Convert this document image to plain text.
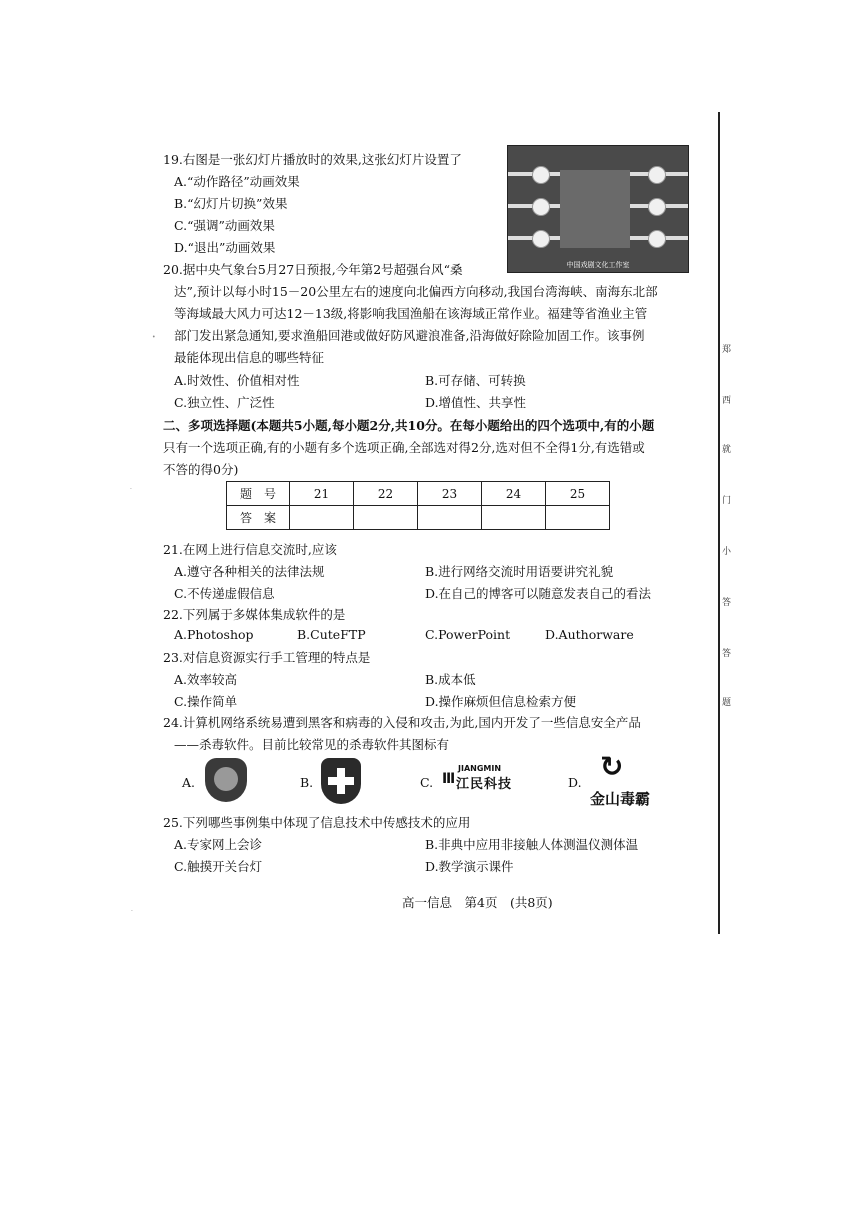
19.右图是一张幻灯片播放时的效果,这张幻灯片设置了
A.“动作路径”动画效果
B.“幻灯片切换”效果
C.“强调”动画效果
D.“退出”动画效果
中国戏剧文化工作室
20.据中央气象台5月27日预报,今年第2号超强台风“桑
达”,预计以每小时15－20公里左右的速度向北偏西方向移动,我国台湾海峡、南海东北部
等海域最大风力可达12－13级,将影响我国渔船在该海域正常作业。福建等省渔业主管
部门发出紧急通知,要求渔船回港或做好防风避浪准备,沿海做好除险加固工作。该事例
最能体现出信息的哪些特征
A.时效性、价值相对性	B.可存储、可转换
C.独立性、广泛性	D.增值性、共享性
二、多项选择题(本题共5小题,每小题2分,共10分。在每小题给出的四个选项中,有的小题
只有一个选项正确,有的小题有多个选项正确,全部选对得2分,选对但不全得1分,有选错或
不答的得0分)
题　号	21	22	23	24	25
答　案					
21.在网上进行信息交流时,应该
A.遵守各种相关的法律法规	B.进行网络交流时用语要讲究礼貌
C.不传递虚假信息	D.在自己的博客可以随意发表自己的看法
22.下列属于多媒体集成软件的是
A.Photoshop	B.CuteFTP	C.PowerPoint	D.Authorware
23.对信息资源实行手工管理的特点是
A.效率较高	B.成本低
C.操作简单	D.操作麻烦但信息检索方便
24.计算机网络系统易遭到黑客和病毒的入侵和攻击,为此,国内开发了一些信息安全产品
——杀毒软件。目前比较常见的杀毒软件其图标有
A.	B.	C. Ⅲ
JIANGMIN
江民科技	D. ↻
金山毒霸
25.下列哪些事例集中体现了信息技术中传感技术的应用
A.专家网上会诊	B.非典中应用非接触人体测温仪测体温
C.触摸开关台灯	D.教学演示课件
高一信息　第4页　(共8页)
郑
西
就
门
小
答
答
题
•
·
·
